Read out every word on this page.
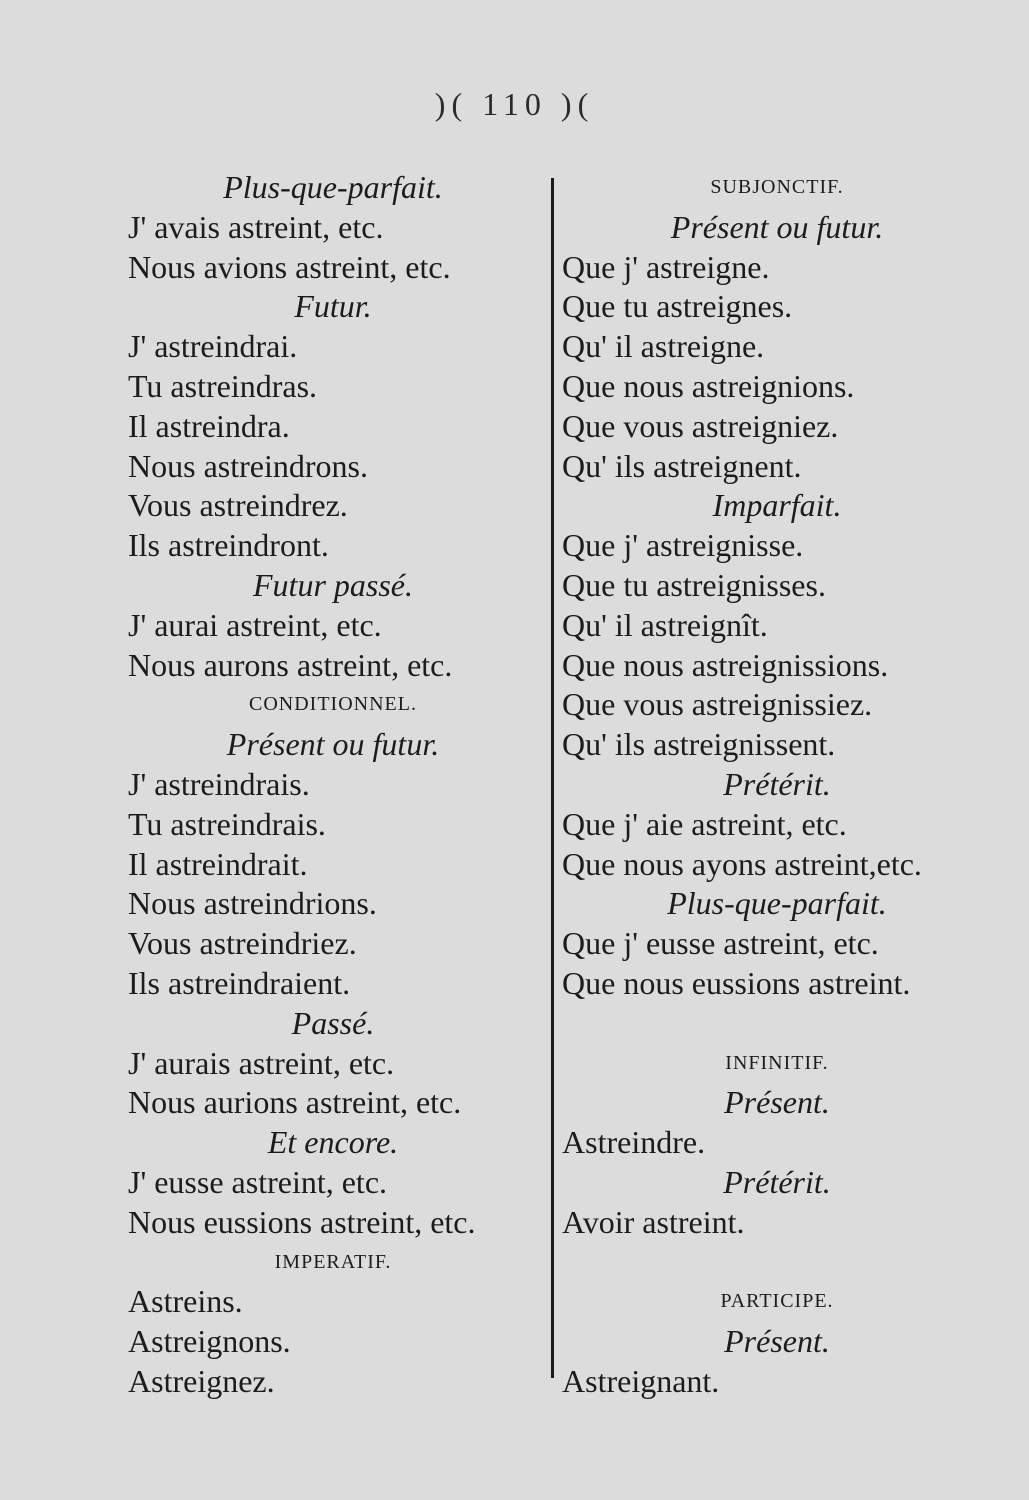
)( 110 )(
Plus-que-parfait.
J' avais astreint, etc.
Nous avions astreint, etc.
Futur.
J' astreindrai.
Tu astreindras.
Il astreindra.
Nous astreindrons.
Vous astreindrez.
Ils astreindront.
Futur passé.
J' aurai astreint, etc.
Nous aurons astreint, etc.
CONDITIONNEL.
Présent ou futur.
J' astreindrais.
Tu astreindrais.
Il astreindrait.
Nous astreindrions.
Vous astreindriez.
Ils astreindraient.
Passé.
J' aurais astreint, etc.
Nous aurions astreint, etc.
Et encore.
J' eusse astreint, etc.
Nous eussions astreint, etc.
IMPERATIF.
Astreins.
Astreignons.
Astreignez.
SUBJONCTIF.
Présent ou futur.
Que j' astreigne.
Que tu astreignes.
Qu' il astreigne.
Que nous astreignions.
Que vous astreigniez.
Qu' ils astreignent.
Imparfait.
Que j' astreignisse.
Que tu astreignisses.
Qu' il astreignît.
Que nous astreignissions.
Que vous astreignissiez.
Qu' ils astreignissent.
Prétérit.
Que j' aie astreint, etc.
Que nous ayons astreint,etc.
Plus-que-parfait.
Que j' eusse astreint, etc.
Que nous eussions astreint.
INFINITIF.
Présent.
Astreindre.
Prétérit.
Avoir astreint.
PARTICIPE.
Présent.
Astreignant.
